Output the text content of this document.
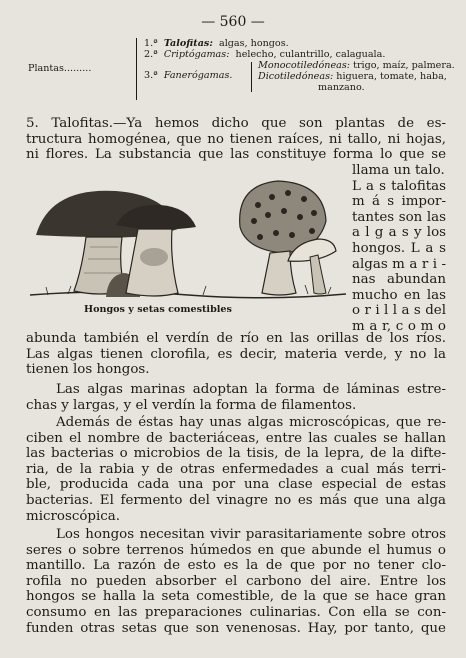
— 560 —
Plantas.........
1.ª Talofitas: algas, hongos.
2.ª Criptógamas: helecho, culantrillo, calaguala.
3.ª Fanerógamas.
Monocotiledóneas: trigo, maíz, palmera.
Dicotiledóneas: higuera, tomate, haba,
manzano.
5. Talofitas.—Ya hemos dicho que son plantas de es-
tructura homogénea, que no tienen raíces, ni tallo, ni hojas,
ni flores. La substancia que las constituye forma lo que se
llama un talo.
L a s talofitas
m á s impor-
tantes son las
a l g a s y los
hongos. L a s
algas m a r i -
nas abundan
mucho en las
o r i l l a s del
m a r, c o m o
Hongos y setas comestibles
abunda también el verdín de río en las orillas de los ríos.
Las algas tienen clorofila, es decir, materia verde, y no la
tienen los hongos.
Las algas marinas adoptan la forma de láminas estre-
chas y largas, y el verdín la forma de filamentos.
Además de éstas hay unas algas microscópicas, que re-
ciben el nombre de bacteriáceas, entre las cuales se hallan
las bacterias o microbios de la tisis, de la lepra, de la difte-
ria, de la rabia y de otras enfermedades a cual más terri-
ble, producida cada una por una clase especial de estas
bacterias. El fermento del vinagre no es más que una alga
microscópica.
Los hongos necesitan vivir parasitariamente sobre otros
seres o sobre terrenos húmedos en que abunde el humus o
mantillo. La razón de esto es la de que por no tener clo-
rofila no pueden absorber el carbono del aire. Entre los
hongos se halla la seta comestible, de la que se hace gran
consumo en las preparaciones culinarias. Con ella se con-
funden otras setas que son venenosas. Hay, por tanto, que
